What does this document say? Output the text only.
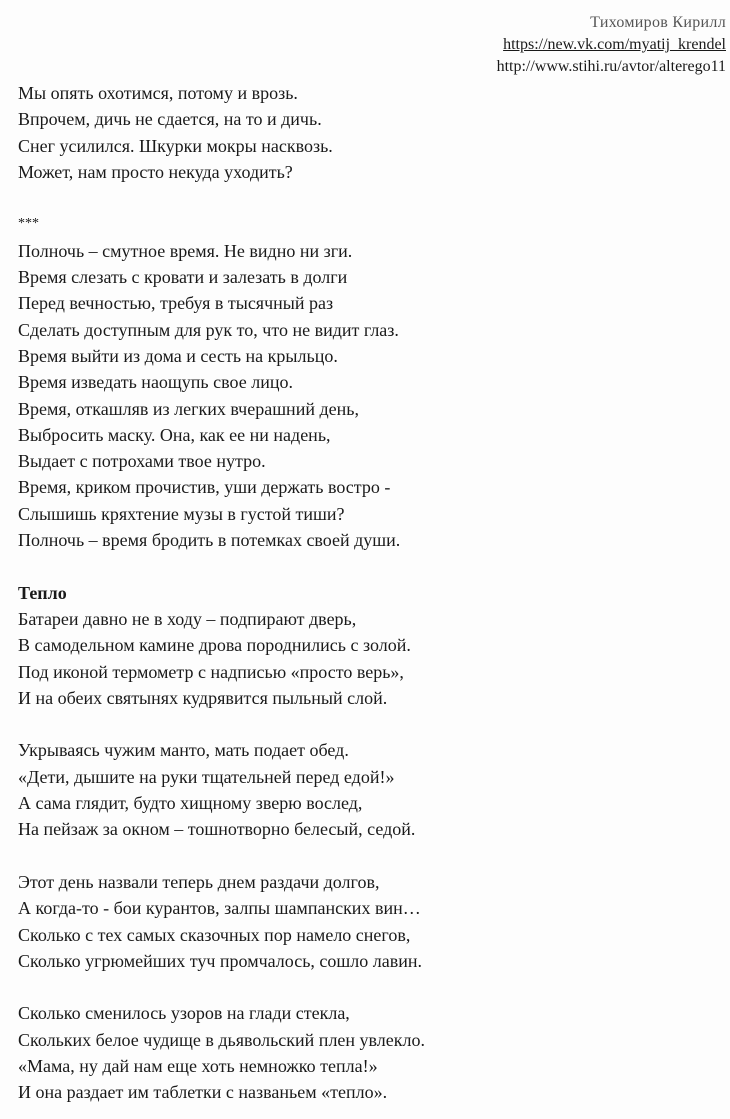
Тихомиров Кирилл
https://new.vk.com/myatij_krendel
http://www.stihi.ru/avtor/alterego11
Мы опять охотимся, потому и врозь.
Впрочем, дичь не сдается, на то и дичь.
Снег усилился. Шкурки мокры насквозь.
Может, нам просто некуда уходить?
***
Полночь – смутное время. Не видно ни зги.
Время слезать с кровати и залезать в долги
Перед вечностью, требуя в тысячный раз
Сделать доступным для рук то, что не видит глаз.
Время выйти из дома и сесть на крыльцо.
Время изведать наощупь свое лицо.
Время, откашляв из легких вчерашний день,
Выбросить маску. Она, как ее ни надень,
Выдает с потрохами твое нутро.
Время, криком прочистив, уши держать востро -
Слышишь кряхтение музы в густой тиши?
Полночь – время бродить в потемках своей души.
Тепло
Батареи давно не в ходу – подпирают дверь,
В самодельном камине дрова породнились с золой.
Под иконой термометр с надписью «просто верь»,
И на обеих святынях кудрявится пыльный слой.
Укрываясь чужим манто, мать подает обед.
«Дети, дышите на руки тщательней перед едой!»
А сама глядит, будто хищному зверю вослед,
На пейзаж за окном – тошнотворно белесый, седой.
Этот день назвали теперь днем раздачи долгов,
А когда-то - бои курантов, залпы шампанских вин…
Сколько с тех самых сказочных пор намело снегов,
Сколько угрюмейших туч промчалось, сошло лавин.
Сколько сменилось узоров на глади стекла,
Скольких белое чудище в дьявольский плен увлекло.
«Мама, ну дай нам еще хоть немножко тепла!»
И она раздает им таблетки с названьем «тепло».
